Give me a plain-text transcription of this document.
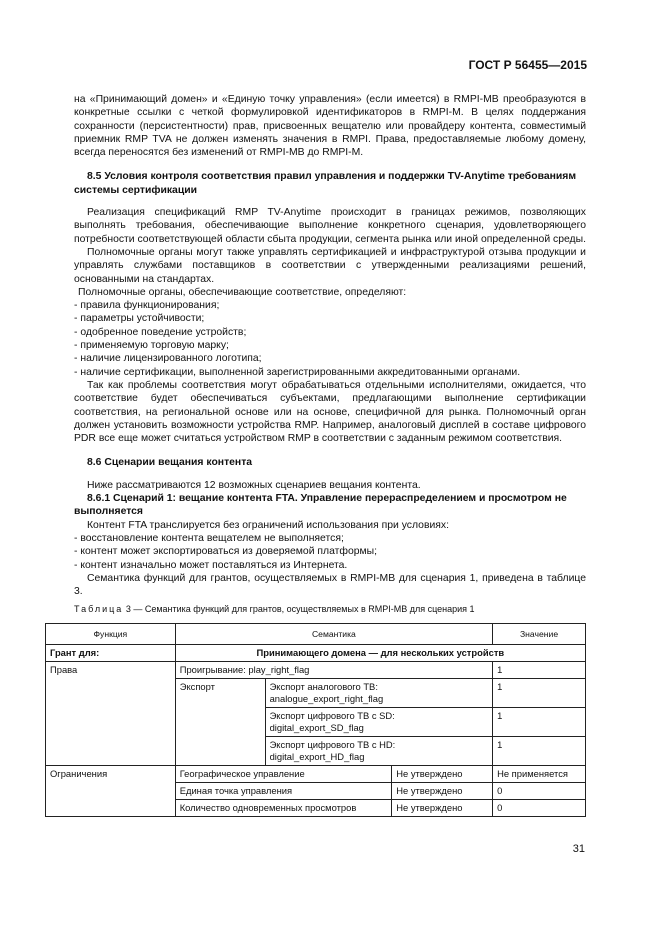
ГОСТ Р 56455—2015

на «Принимающий домен» и «Единую точку управления» (если имеется) в RMPI-MB преобразуются в конкретные ссылки с четкой формулировкой идентификаторов в RMPI-M. В целях поддержания сохранности (персистентности) прав, присвоенных вещателю или провайдеру контента, совместимый приемник RMP TVA не должен изменять значения в RMPI. Права, предоставляемые любому домену, всегда переносятся без изменений от RMPI-MB до RMPI-M.

8.5 Условия контроля соответствия правил управления и поддержки TV-Anytime требованиям системы сертификации

Реализация спецификаций RMP TV-Anytime происходит в границах режимов, позволяющих выполнять требования, обеспечивающие выполнение конкретного сценария, удовлетворяющего потребности соответствующей области сбыта продукции, сегмента рынка или иной определенной среды.

Полномочные органы могут также управлять сертификацией и инфраструктурой отзыва продукции и управлять службами поставщиков в соответствии с утвержденными реализациями решений, основанными на стандартах.

Полномочные органы, обеспечивающие соответствие, определяют:

- правила функционирования;
- параметры устойчивости;
- одобренное поведение устройств;
- применяемую торговую марку;
- наличие лицензированного логотипа;
- наличие сертификации, выполненной зарегистрированными аккредитованными органами.

Так как проблемы соответствия могут обрабатываться отдельными исполнителями, ожидается, что соответствие будет обеспечиваться субъектами, предлагающими выполнение сертификации соответствия, на региональной основе или на основе, специфичной для рынка. Полномочный орган должен установить возможности устройства RMP. Например, аналоговый дисплей в составе цифрового PDR все еще может считаться устройством RMP в соответствии с заданным режимом соответствия.

8.6 Сценарии вещания контента

Ниже рассматриваются 12 возможных сценариев вещания контента.

8.6.1 Сценарий 1: вещание контента FTA. Управление перераспределением и просмотром не выполняется

Контент FTA транслируется без ограничений использования при условиях:

- восстановление контента вещателем не выполняется;
- контент может экспортироваться из доверяемой платформы;
- контент изначально может поставляться из Интернета.

Семантика функций для грантов, осуществляемых в RMPI-MB для сценария 1, приведена в таблице 3.

Таблица 3 — Семантика функций для грантов, осуществляемых в RMPI-MB для сценария 1
Функция	Семантика			Значение
Грант для:	Принимающего домена — для нескольких устройств			
Права	Проигрывание: play_right_flag			1
	Экспорт	Экспорт аналогового ТВ:
analogue_export_right_flag		1

		Экспорт цифрового ТВ с SD:
digital_export_SD_flag		1

		Экспорт цифрового ТВ с HD:
digital_export_HD_flag		1
Ограничения	Географическое управление		Не утверждено	Не применяется
	Единая точка управления		Не утверждено	0
	Количество одновременных просмотров		Не утверждено	0
31
